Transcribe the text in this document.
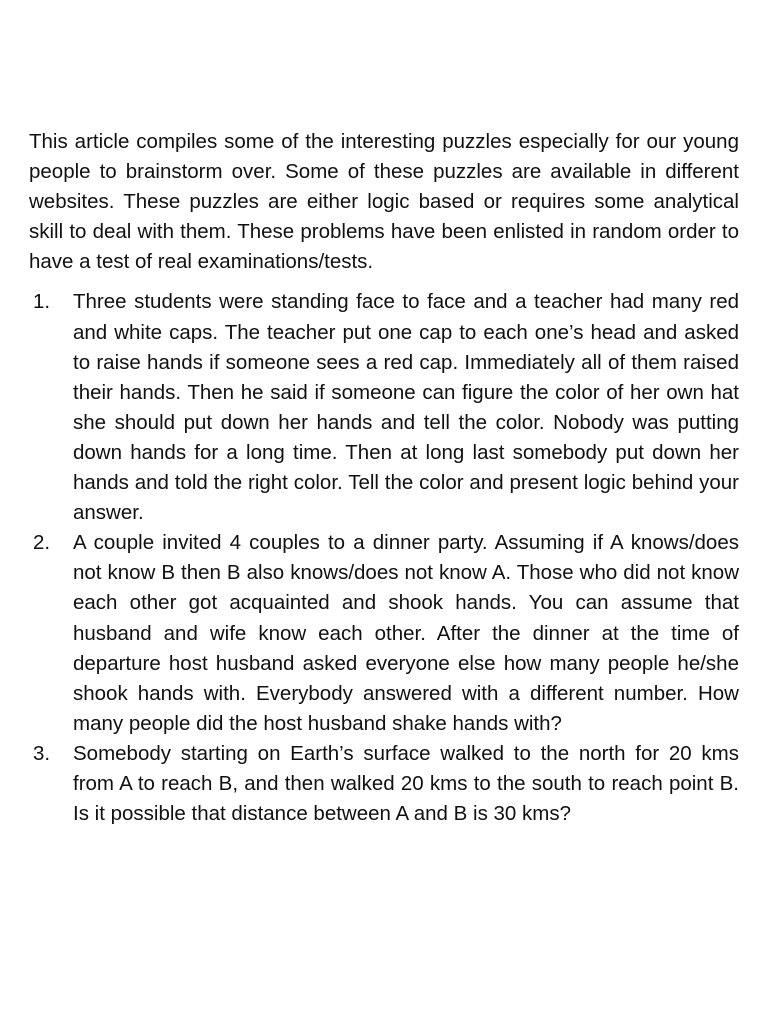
This article compiles some of the interesting puzzles especially for our young people to brainstorm over. Some of these puzzles are available in different websites. These puzzles are either logic based or requires some analytical skill to deal with them. These problems have been enlisted in random order to have a test of real examinations/tests.

1. Three students were standing face to face and a teacher had many red and white caps. The teacher put one cap to each one’s head and asked to raise hands if someone sees a red cap. Immediately all of them raised their hands. Then he said if someone can figure the color of her own hat she should put down her hands and tell the color. Nobody was putting down hands for a long time. Then at long last somebody put down her hands and told the right color. Tell the color and present logic behind your answer.
2. A couple invited 4 couples to a dinner party. Assuming if A knows/does not know B then B also knows/does not know A. Those who did not know each other got acquainted and shook hands. You can assume that husband and wife know each other. After the dinner at the time of departure host husband asked everyone else how many people he/she shook hands with. Everybody answered with a different number. How many people did the host husband shake hands with?
3. Somebody starting on Earth’s surface walked to the north for 20 kms from A to reach B, and then walked 20 kms to the south to reach point B. Is it possible that distance between A and B is 30 kms?
